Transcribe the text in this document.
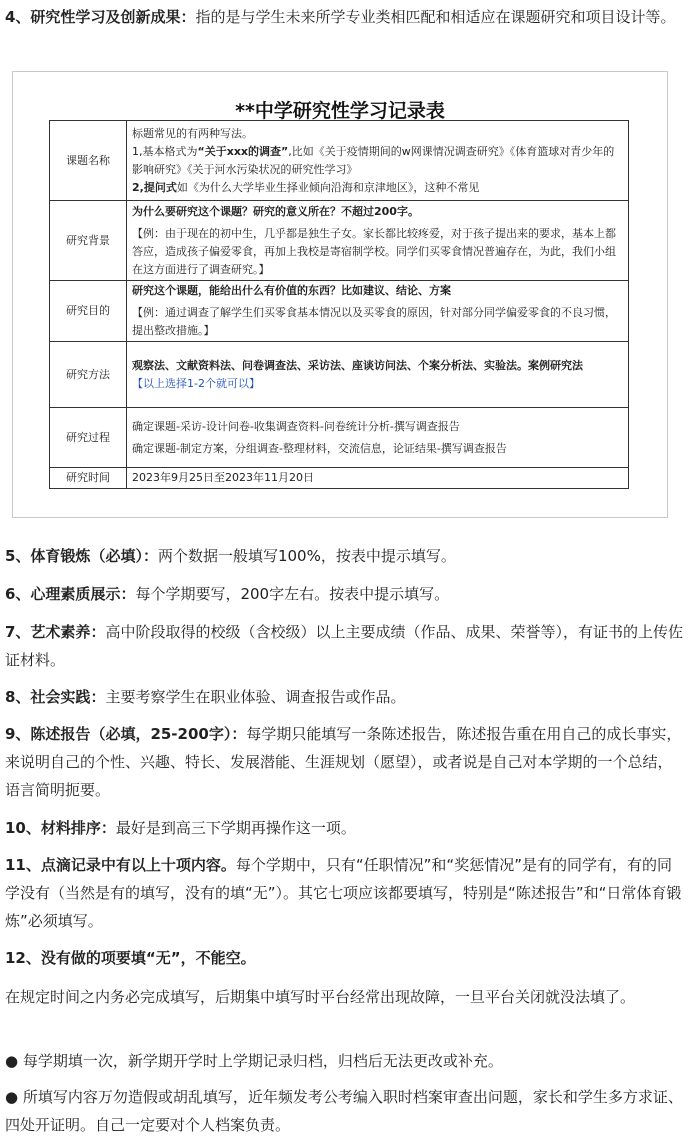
4、研究性学习及创新成果：指的是与学生未来所学专业类相匹配和相适应在课题研究和项目设计等。

**中学研究性学习记录表
课题名称	标题常见的有两种写法。
1,基本格式为“关于xxx的调查”,比如《关于疫情期间的w网课情况调查研究》《体育篮球对青少年的影响研究》《关于河水污染状况的研究性学习》
2,提问式如《为什么大学毕业生择业倾向沿海和京津地区》，这种不常见

研究背景	为什么要研究这个课题？研究的意义所在？不超过200字。
【例：由于现在的初中生，几乎都是独生子女。家长都比较疼爱，对于孩子提出来的要求，基本上都答应，造成孩子偏爱零食，再加上我校是寄宿制学校。同学们买零食情况普遍存在，为此，我们小组在这方面进行了调查研究。】

研究目的	研究这个课题，能给出什么有价值的东西？比如建议、结论、方案
【例：通过调查了解学生们买零食基本情况以及买零食的原因，针对部分同学偏爱零食的不良习惯，提出整改措施。】

研究方法	观察法、文献资料法、问卷调查法、采访法、座谈访问法、个案分析法、实验法。案例研究法
【以上选择1-2个就可以】

研究过程	确定课题-采访-设计问卷-收集调查资料-问卷统计分析-撰写调查报告
确定课题-制定方案，分组调查-整理材料，交流信息，论证结果-撰写调查报告

研究时间	2023年9月25日至2023年11月20日

5、体育锻炼（必填）：两个数据一般填写100%，按表中提示填写。

6、心理素质展示：每个学期要写，200字左右。按表中提示填写。

7、艺术素养：高中阶段取得的校级（含校级）以上主要成绩（作品、成果、荣誉等），有证书的上传佐证材料。

8、社会实践：主要考察学生在职业体验、调查报告或作品。

9、陈述报告（必填，25-200字）：每学期只能填写一条陈述报告，陈述报告重在用自己的成长事实，来说明自己的个性、兴趣、特长、发展潜能、生涯规划（愿望），或者说是自己对本学期的一个总结，语言简明扼要。

10、材料排序：最好是到高三下学期再操作这一项。

11、点滴记录中有以上十项内容。每个学期中，只有“任职情况”和“奖惩情况”是有的同学有，有的同学没有（当然是有的填写，没有的填“无”）。其它七项应该都要填写，特别是“陈述报告”和“日常体育锻炼”必须填写。

12、没有做的项要填“无”，不能空。

在规定时间之内务必完成填写，后期集中填写时平台经常出现故障，一旦平台关闭就没法填了。

● 每学期填一次，新学期开学时上学期记录归档，归档后无法更改或补充。

● 所填写内容万勿造假或胡乱填写，近年频发考公考编入职时档案审查出问题，家长和学生多方求证、四处开证明。自己一定要对个人档案负责。
